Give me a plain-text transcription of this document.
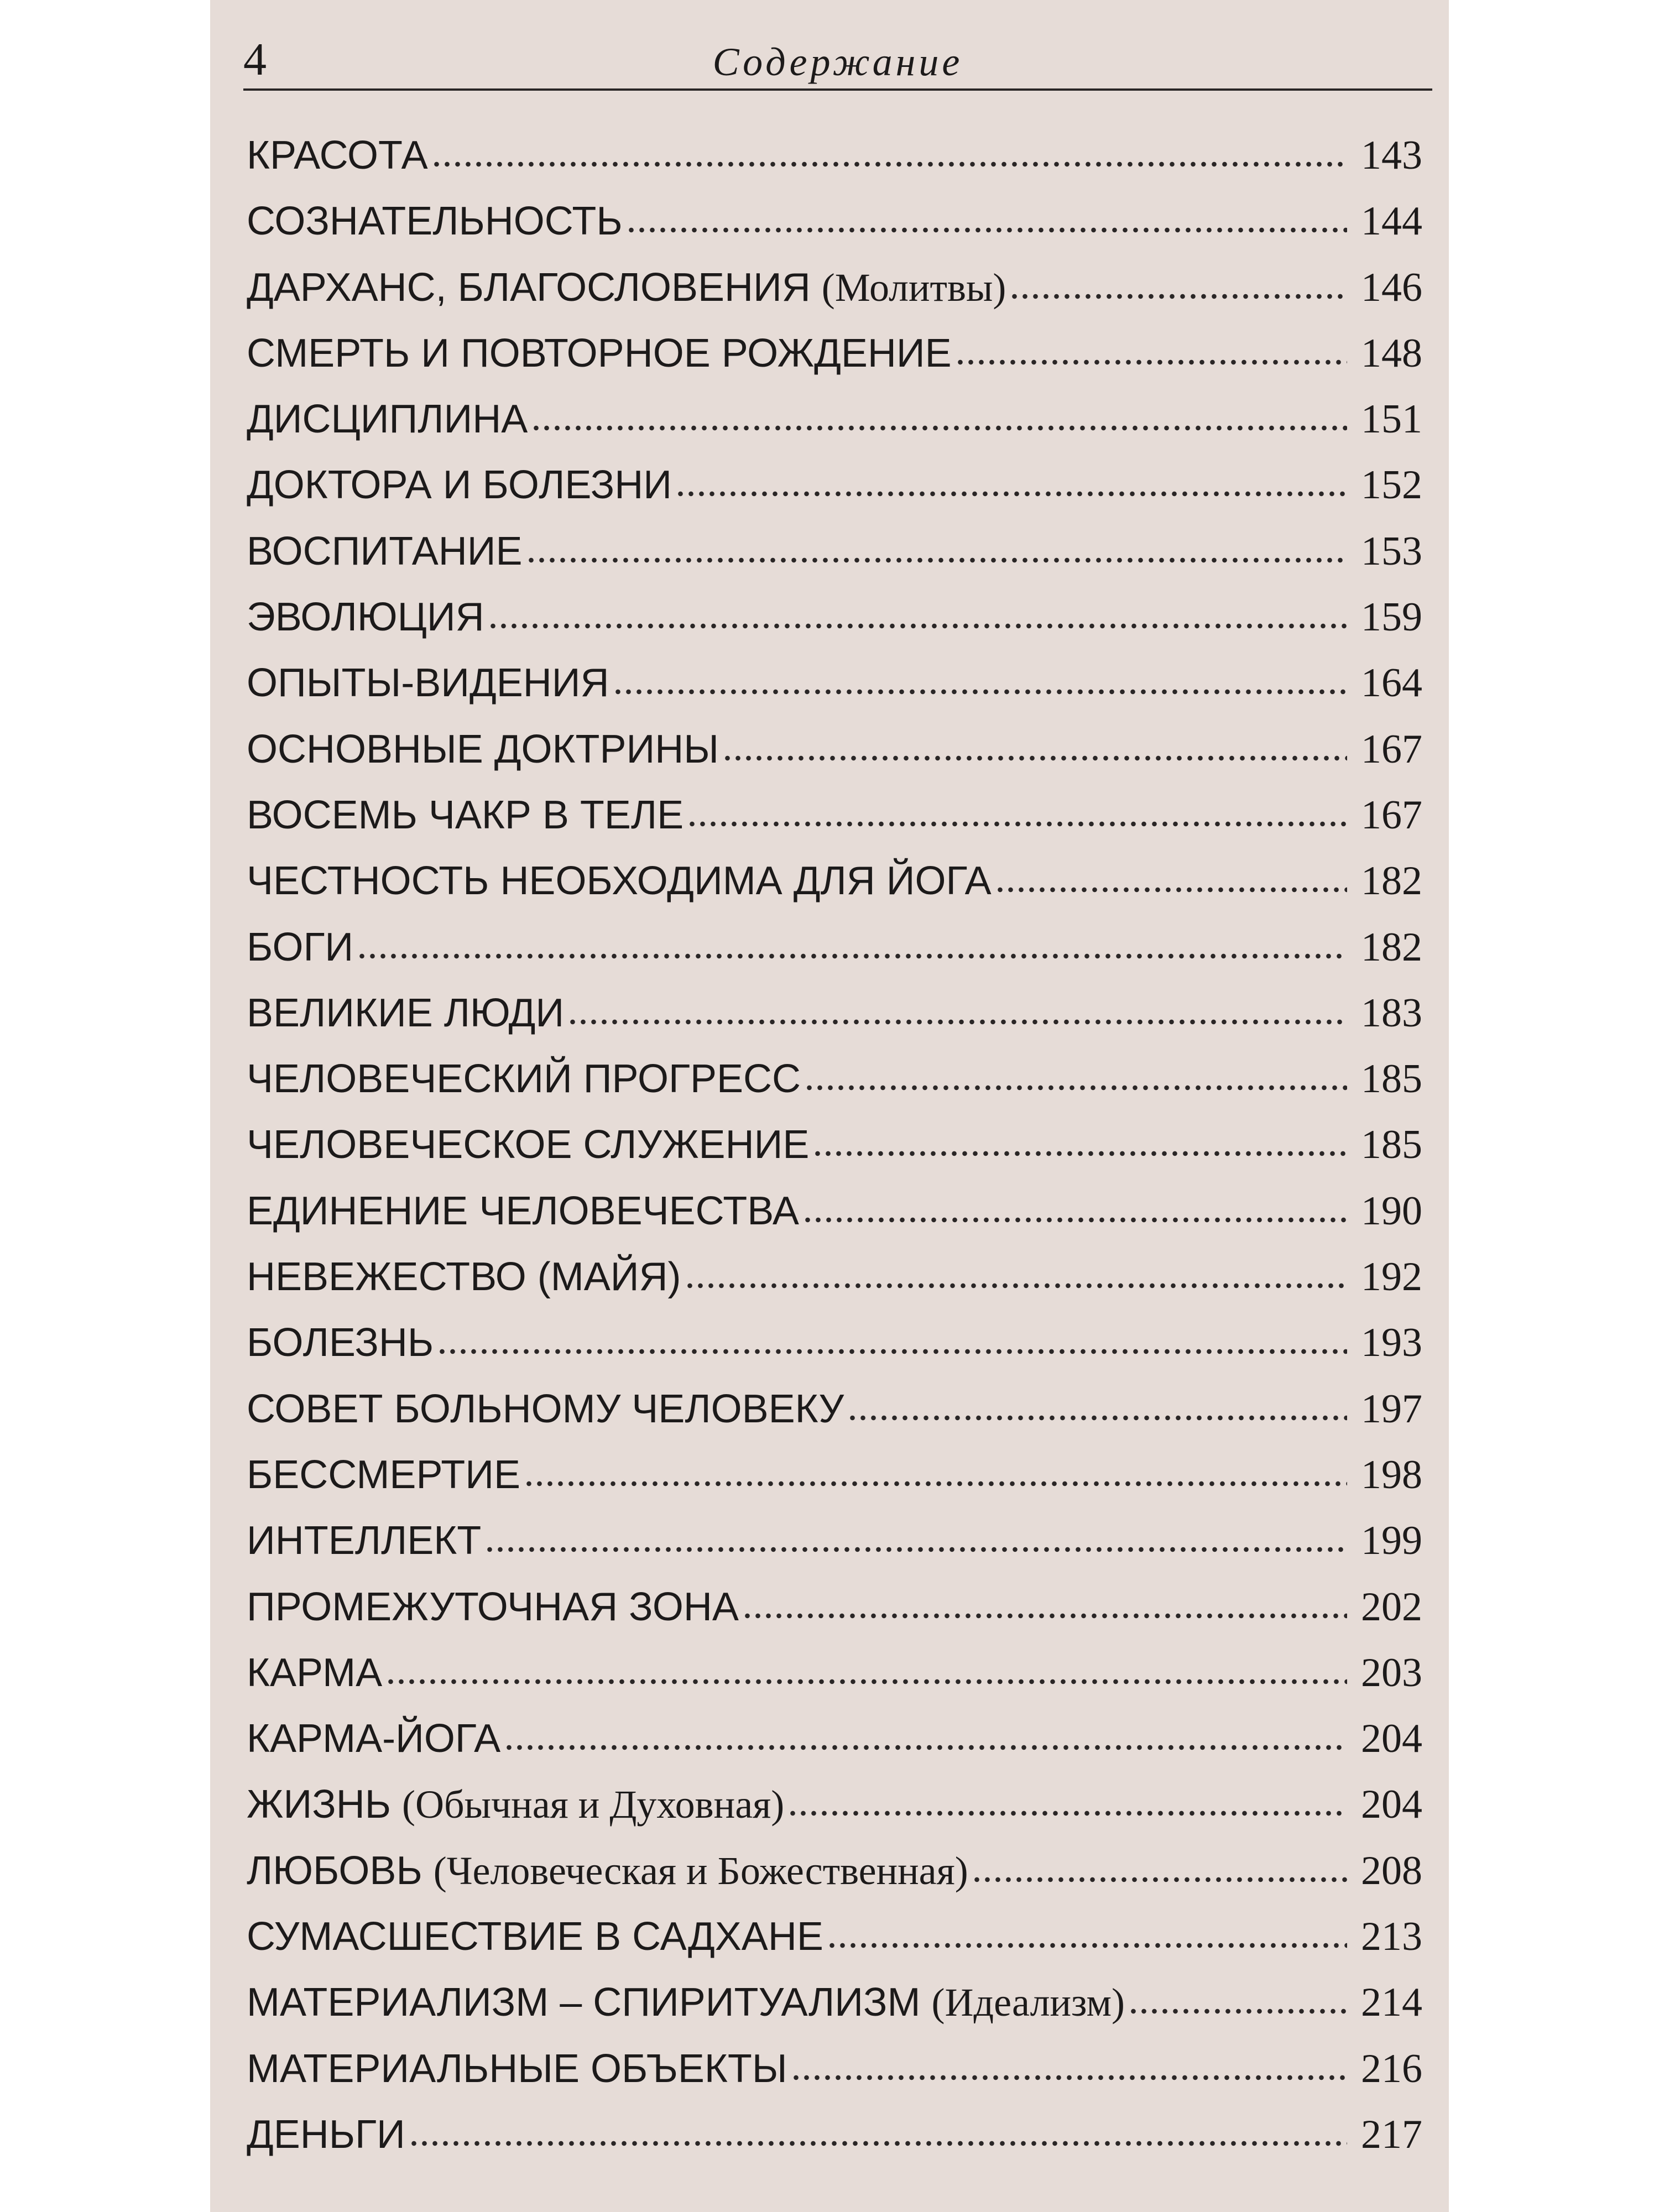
4	Содержание
КРАСОТА	143
СОЗНАТЕЛЬНОСТЬ	144
ДАРХАНС, БЛАГОСЛОВЕНИЯ (Молитвы)	146
СМЕРТЬ И ПОВТОРНОЕ РОЖДЕНИЕ	148
ДИСЦИПЛИНА	151
ДОКТОРА И БОЛЕЗНИ	152
ВОСПИТАНИЕ	153
ЭВОЛЮЦИЯ	159
ОПЫТЫ-ВИДЕНИЯ	164
ОСНОВНЫЕ ДОКТРИНЫ	167
ВОСЕМЬ ЧАКР В ТЕЛЕ	167
ЧЕСТНОСТЬ НЕОБХОДИМА ДЛЯ ЙОГА	182
БОГИ	182
ВЕЛИКИЕ ЛЮДИ	183
ЧЕЛОВЕЧЕСКИЙ ПРОГРЕСС	185
ЧЕЛОВЕЧЕСКОЕ СЛУЖЕНИЕ	185
ЕДИНЕНИЕ ЧЕЛОВЕЧЕСТВА	190
НЕВЕЖЕСТВО (МАЙЯ)	192
БОЛЕЗНЬ	193
СОВЕТ БОЛЬНОМУ ЧЕЛОВЕКУ	197
БЕССМЕРТИЕ	198
ИНТЕЛЛЕКТ	199
ПРОМЕЖУТОЧНАЯ ЗОНА	202
КАРМА	203
КАРМА-ЙОГА	204
ЖИЗНЬ (Обычная и Духовная)	204
ЛЮБОВЬ (Человеческая и Божественная)	208
СУМАСШЕСТВИЕ В САДХАНЕ	213
МАТЕРИАЛИЗМ – СПИРИТУАЛИЗМ (Идеализм)	214
МАТЕРИАЛЬНЫЕ ОБЪЕКТЫ	216
ДЕНЬГИ	217
